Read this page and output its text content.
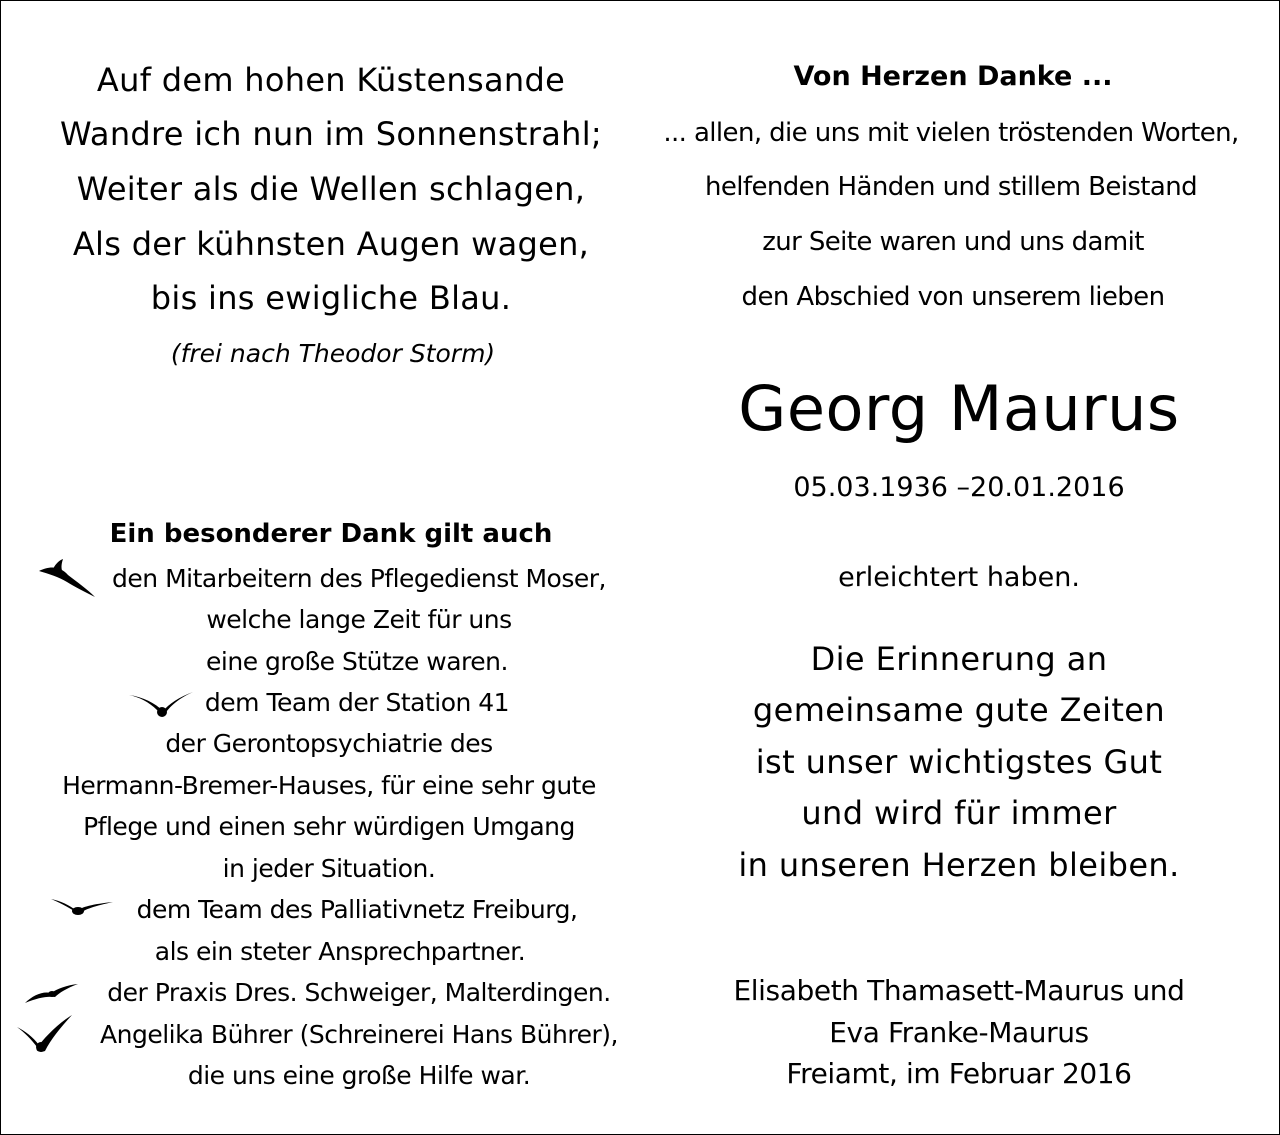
Auf dem hohen Küstensande
Wandre ich nun im Sonnenstrahl;
Weiter als die Wellen schlagen,
Als der kühnsten Augen wagen,
bis ins ewigliche Blau.
(frei nach Theodor Storm)
Von Herzen Danke ...
... allen, die uns mit vielen tröstenden Worten,
helfenden Händen und stillem Beistand
zur Seite waren und uns damit
den Abschied von unserem lieben
Georg Maurus
05.03.1936 –20.01.2016
erleichtert haben.
Die Erinnerung an
gemeinsame gute Zeiten
ist unser wichtigstes Gut
und wird für immer
in unseren Herzen bleiben.
Elisabeth Thamasett-Maurus und
Eva Franke-Maurus
Freiamt, im Februar 2016
Ein besonderer Dank gilt auch
den Mitarbeitern des Pflegedienst Moser,
welche lange Zeit für uns
eine große Stütze waren.
dem Team der Station 41
der Gerontopsychiatrie des
Hermann-Bremer-Hauses, für eine sehr gute
Pflege und einen sehr würdigen Umgang
in jeder Situation.
dem Team des Palliativnetz Freiburg,
als ein steter Ansprechpartner.
der Praxis Dres. Schweiger, Malterdingen.
Angelika Bührer (Schreinerei Hans Bührer),
die uns eine große Hilfe war.
